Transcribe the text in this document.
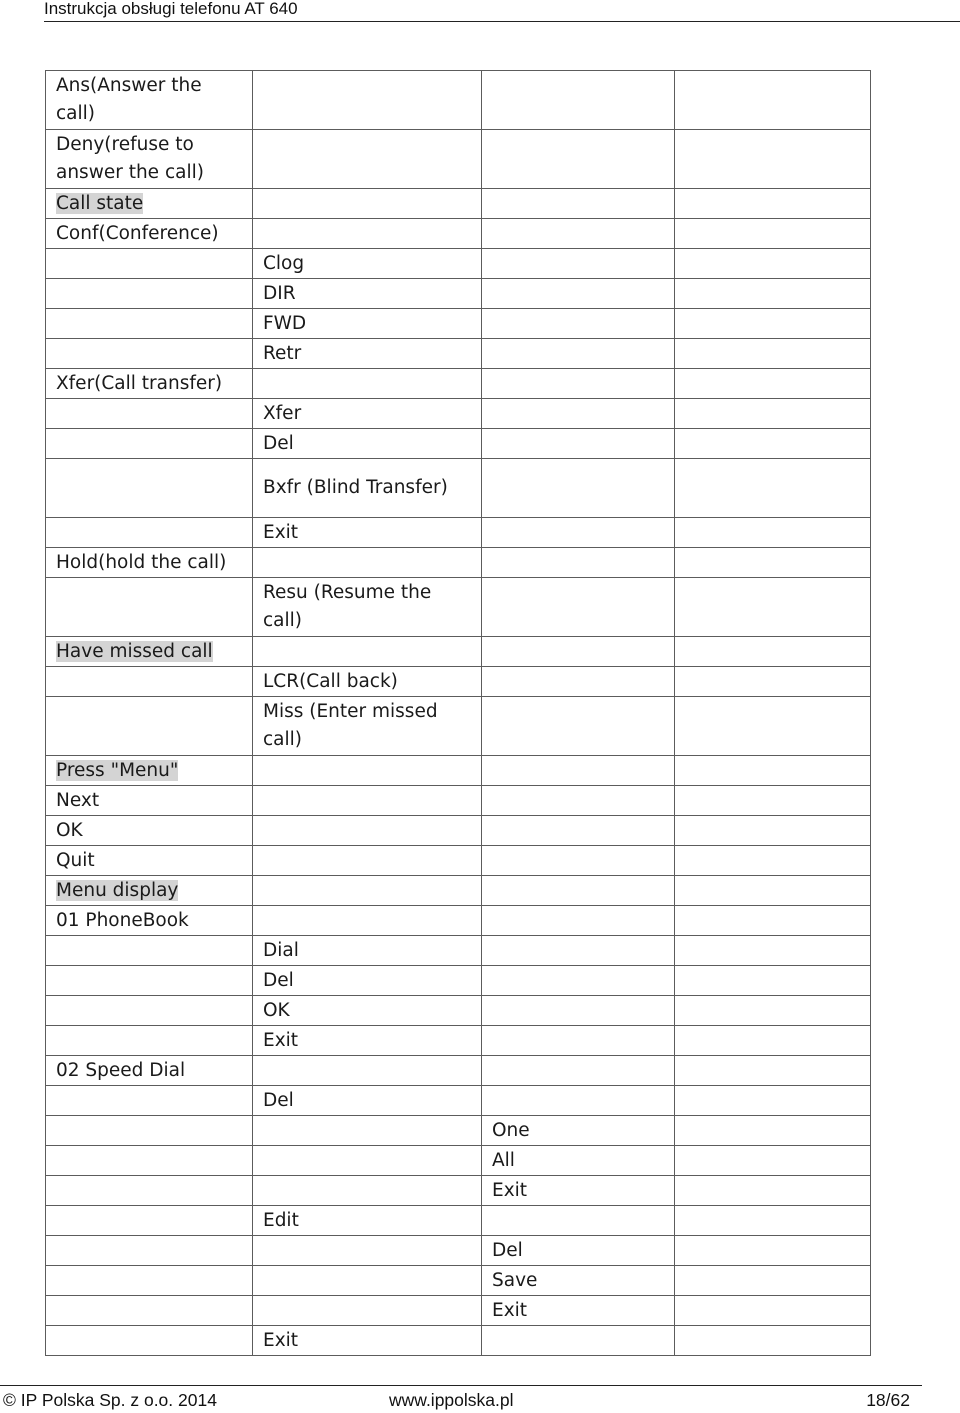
Instrukcja obsługi telefonu AT 640
Ans(Answer the call)			
Deny(refuse to answer the call)			
Call state			
Conf(Conference)			
	Clog		
	DIR		
	FWD		
	Retr		
Xfer(Call transfer)			
	Xfer		
	Del		
	Bxfr (Blind Transfer)		
	Exit		
Hold(hold the call)			
	Resu (Resume the call)		
Have missed call			
	LCR(Call back)		
	Miss (Enter missed call)		
Press "Menu"			
Next			
OK			
Quit			
Menu display			
01 PhoneBook			
	Dial		
	Del		
	OK		
	Exit		
02 Speed Dial			
	Del		
		One	
		All	
		Exit	
	Edit		
		Del	
		Save	
		Exit	
	Exit		
© IP Polska Sp. z o.o. 2014	www.ippolska.pl	18/62
